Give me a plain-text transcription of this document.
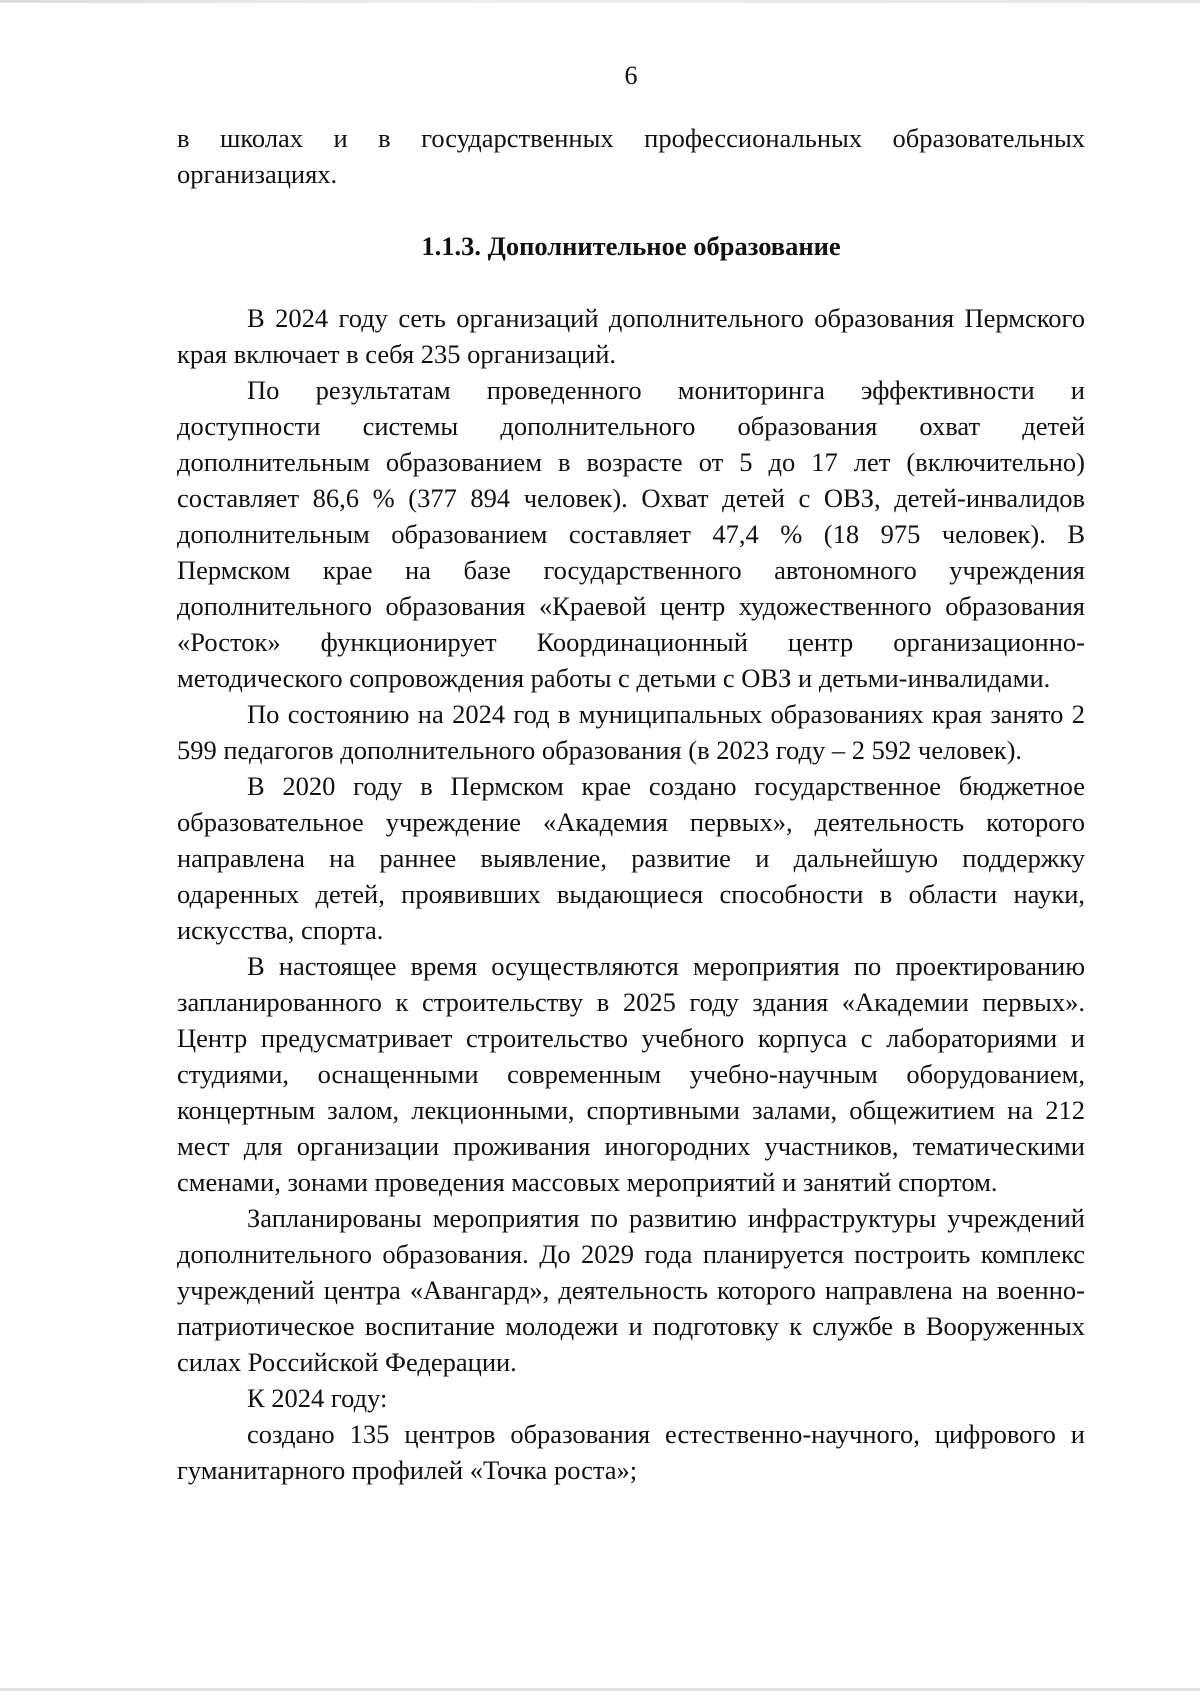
6

в школах и в государственных профессиональных образовательных организациях.

1.1.3. Дополнительное образование

В 2024 году сеть организаций дополнительного образования Пермского края включает в себя 235 организаций.

По результатам проведенного мониторинга эффективности и доступности системы дополнительного образования охват детей дополнительным образованием в возрасте от 5 до 17 лет (включительно) составляет 86,6 % (377 894 человек). Охват детей с ОВЗ, детей-инвалидов дополнительным образованием составляет 47,4 % (18 975 человек). В Пермском крае на базе государственного автономного учреждения дополнительного образования «Краевой центр художественного образования «Росток» функционирует Координационный центр организационно-методического сопровождения работы с детьми с ОВЗ и детьми-инвалидами.

По состоянию на 2024 год в муниципальных образованиях края занято 2 599 педагогов дополнительного образования (в 2023 году – 2 592 человек).

В 2020 году в Пермском крае создано государственное бюджетное образовательное учреждение «Академия первых», деятельность которого направлена на раннее выявление, развитие и дальнейшую поддержку одаренных детей, проявивших выдающиеся способности в области науки, искусства, спорта.

В настоящее время осуществляются мероприятия по проектированию запланированного к строительству в 2025 году здания «Академии первых». Центр предусматривает строительство учебного корпуса с лабораториями и студиями, оснащенными современным учебно-научным оборудованием, концертным залом, лекционными, спортивными залами, общежитием на 212 мест для организации проживания иногородних участников, тематическими сменами, зонами проведения массовых мероприятий и занятий спортом.

Запланированы мероприятия по развитию инфраструктуры учреждений дополнительного образования. До 2029 года планируется построить комплекс учреждений центра «Авангард», деятельность которого направлена на военно-патриотическое воспитание молодежи и подготовку к службе в Вооруженных силах Российской Федерации.

К 2024 году:

создано 135 центров образования естественно-научного, цифрового и гуманитарного профилей «Точка роста»;
